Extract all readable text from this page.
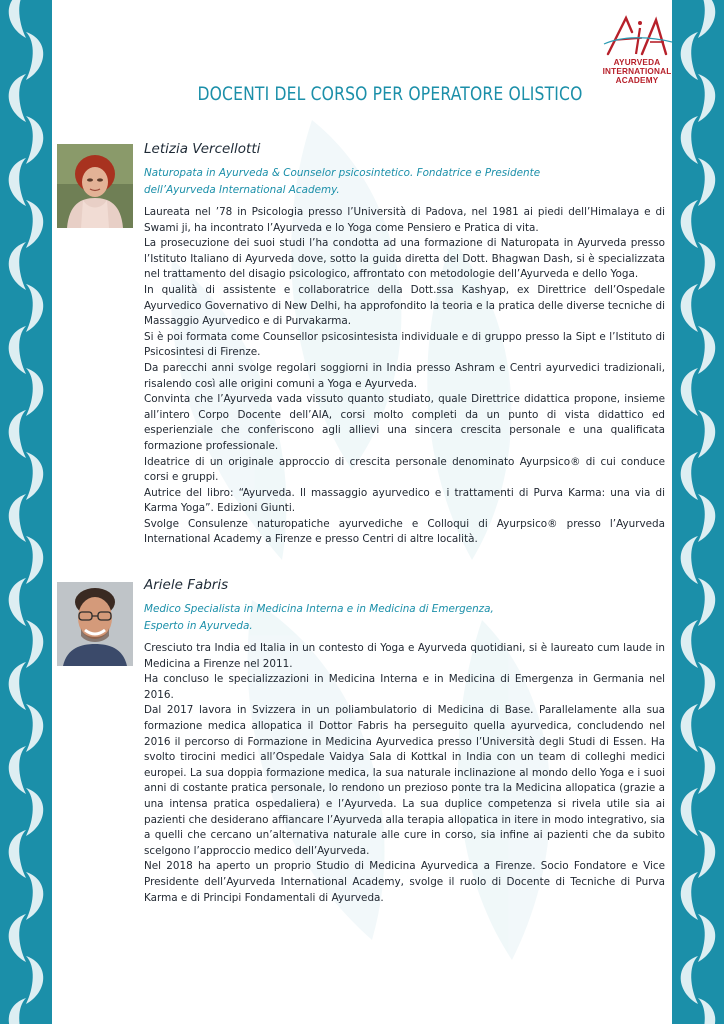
AYURVEDA
INTERNATIONAL
ACADEMY
DOCENTI DEL CORSO PER OPERATORE OLISTICO
Letizia Vercellotti
Naturopata in Ayurveda & Counselor psicosintetico. Fondatrice e Presidente
dell’Ayurveda International Academy.

Laureata nel ’78 in Psicologia presso l’Università di Padova, nel 1981 ai piedi dell’Himalaya e di Swami ji, ha incontrato l’Ayurveda e lo Yoga come Pensiero e Pratica di vita.

La prosecuzione dei suoi studi l’ha condotta ad una formazione di Naturopata in Ayurveda presso l’Istituto Italiano di Ayurveda dove, sotto la guida diretta del Dott. Bhagwan Dash, si è specializzata nel trattamento del disagio psicologico, affrontato con metodologie dell’Ayurveda e dello Yoga.

In qualità di assistente e collaboratrice della Dott.ssa Kashyap, ex Direttrice dell’Ospedale Ayurvedico Governativo di New Delhi, ha approfondito la teoria e la pratica delle diverse tecniche di Massaggio Ayurvedico e di Purvakarma.

Si è poi formata come Counsellor psicosintesista individuale e di gruppo presso la Sipt e l’Istituto di Psicosintesi di Firenze.

Da parecchi anni svolge regolari soggiorni in India presso Ashram e Centri ayurvedici tradizionali, risalendo così alle origini comuni a Yoga e Ayurveda.

Convinta che l’Ayurveda vada vissuto quanto studiato, quale Direttrice didattica propone, insieme all’intero Corpo Docente dell’AIA, corsi molto completi da un punto di vista didattico ed esperienziale che conferiscono agli allievi una sincera crescita personale e una qualificata formazione professionale.

Ideatrice di un originale approccio di crescita personale denominato Ayurpsico® di cui conduce corsi e gruppi.

Autrice del libro: “Ayurveda. Il massaggio ayurvedico e i trattamenti di Purva Karma: una via di Karma Yoga”. Edizioni Giunti.

Svolge Consulenze naturopatiche ayurvediche e Colloqui di Ayurpsico® presso l’Ayurveda International Academy a Firenze e presso Centri di altre località.

Ariele Fabris
Medico Specialista in Medicina Interna e in Medicina di Emergenza,
Esperto in Ayurveda.

Cresciuto tra India ed Italia in un contesto di Yoga e Ayurveda quotidiani, si è laureato cum laude in Medicina a Firenze nel 2011.

Ha concluso le specializzazioni in Medicina Interna e in Medicina di Emergenza in Germania nel 2016.

Dal 2017 lavora in Svizzera in un poliambulatorio di Medicina di Base. Parallelamente alla sua formazione medica allopatica il Dottor Fabris ha perseguito quella ayurvedica, concludendo nel 2016 il percorso di Formazione in Medicina Ayurvedica presso l’Università degli Studi di Essen. Ha svolto tirocini medici all’Ospedale Vaidya Sala di Kottkal in India con un team di colleghi medici europei. La sua doppia formazione medica, la sua naturale inclinazione al mondo dello Yoga e i suoi anni di costante pratica personale, lo rendono un prezioso ponte tra la Medicina allopatica (grazie a una intensa pratica ospedaliera) e l’Ayurveda. La sua duplice competenza si rivela utile sia ai pazienti che desiderano affiancare l’Ayurveda alla terapia allopatica in itere in modo integrativo, sia a quelli che cercano un’alternativa naturale alle cure in corso, sia infine ai pazienti che da subito scelgono l’approccio medico dell’Ayurveda.

Nel 2018 ha aperto un proprio Studio di Medicina Ayurvedica a Firenze. Socio Fondatore e Vice Presidente dell’Ayurveda International Academy, svolge il ruolo di Docente di Tecniche di Purva Karma e di Principi Fondamentali di Ayurveda.
